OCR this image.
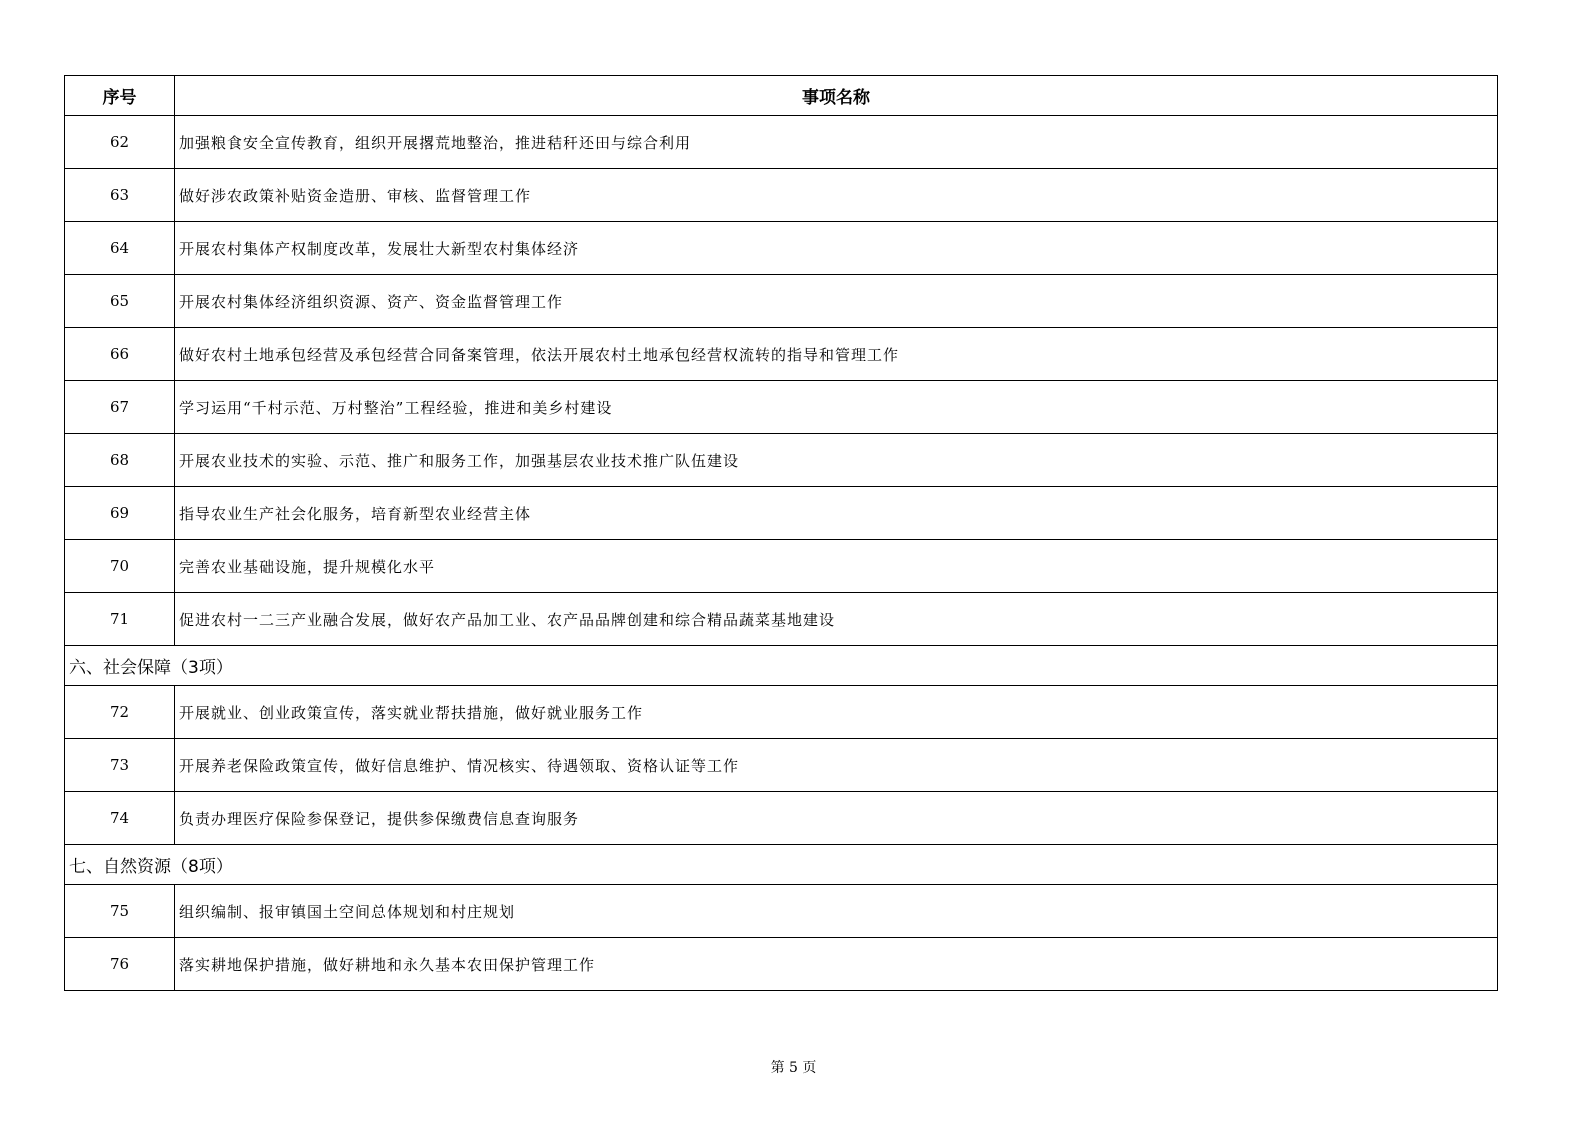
序号	事项名称
62	加强粮食安全宣传教育，组织开展撂荒地整治，推进秸秆还田与综合利用
63	做好涉农政策补贴资金造册、审核、监督管理工作
64	开展农村集体产权制度改革，发展壮大新型农村集体经济
65	开展农村集体经济组织资源、资产、资金监督管理工作
66	做好农村土地承包经营及承包经营合同备案管理，依法开展农村土地承包经营权流转的指导和管理工作
67	学习运用“千村示范、万村整治”工程经验，推进和美乡村建设
68	开展农业技术的实验、示范、推广和服务工作，加强基层农业技术推广队伍建设
69	指导农业生产社会化服务，培育新型农业经营主体
70	完善农业基础设施，提升规模化水平
71	促进农村一二三产业融合发展，做好农产品加工业、农产品品牌创建和综合精品蔬菜基地建设
六、社会保障（3项）	
72	开展就业、创业政策宣传，落实就业帮扶措施，做好就业服务工作
73	开展养老保险政策宣传，做好信息维护、情况核实、待遇领取、资格认证等工作
74	负责办理医疗保险参保登记，提供参保缴费信息查询服务
七、自然资源（8项）	
75	组织编制、报审镇国土空间总体规划和村庄规划
76	落实耕地保护措施，做好耕地和永久基本农田保护管理工作
第 5 页
